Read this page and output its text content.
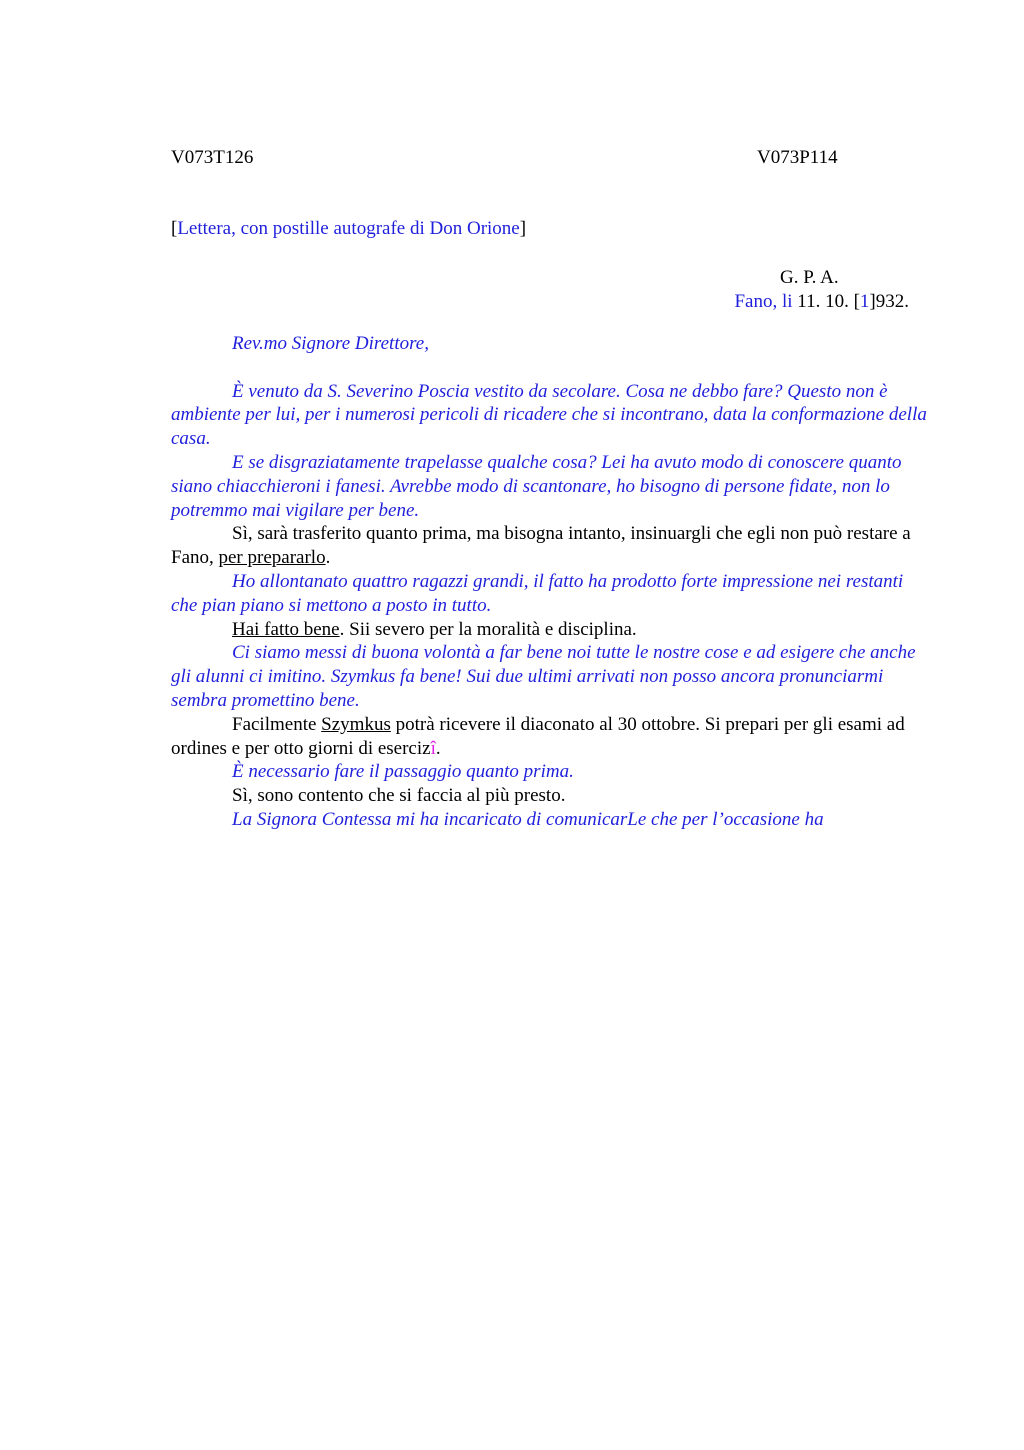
V073T126	V073P114
[Lettera, con postille autografe di Don Orione]
G. P. A.
Fano, li 11. 10. [1]932.

Rev.mo Signore Direttore,

È venuto da S. Severino Poscia vestito da secolare. Cosa ne debbo fare? Questo non è ambiente per lui, per i numerosi pericoli di ricadere che si incontrano, data la conformazione della casa.

E se disgraziatamente trapelasse qualche cosa? Lei ha avuto modo di conoscere quanto siano chiacchieroni i fanesi. Avrebbe modo di scantonare, ho bisogno di persone fidate, non lo potremmo mai vigilare per bene.

Sì, sarà trasferito quanto prima, ma bisogna intanto, insinuargli che egli non può restare a Fano, per prepararlo.

Ho allontanato quattro ragazzi grandi, il fatto ha prodotto forte impressione nei restanti che pian piano si mettono a posto in tutto.

Hai fatto bene. Sii severo per la moralità e disciplina.

Ci siamo messi di buona volontà a far bene noi tutte le nostre cose e ad esigere che anche gli alunni ci imitino. Szymkus fa bene! Sui due ultimi arrivati non posso ancora pronunciarmi sembra promettino bene.

Facilmente Szymkus potrà ricevere il diaconato al 30 ottobre. Si prepari per gli esami ad ordines e per otto giorni di esercizî.

È necessario fare il passaggio quanto prima.

Sì, sono contento che si faccia al più presto.

La Signora Contessa mi ha incaricato di comunicarLe che per l’occasione ha
